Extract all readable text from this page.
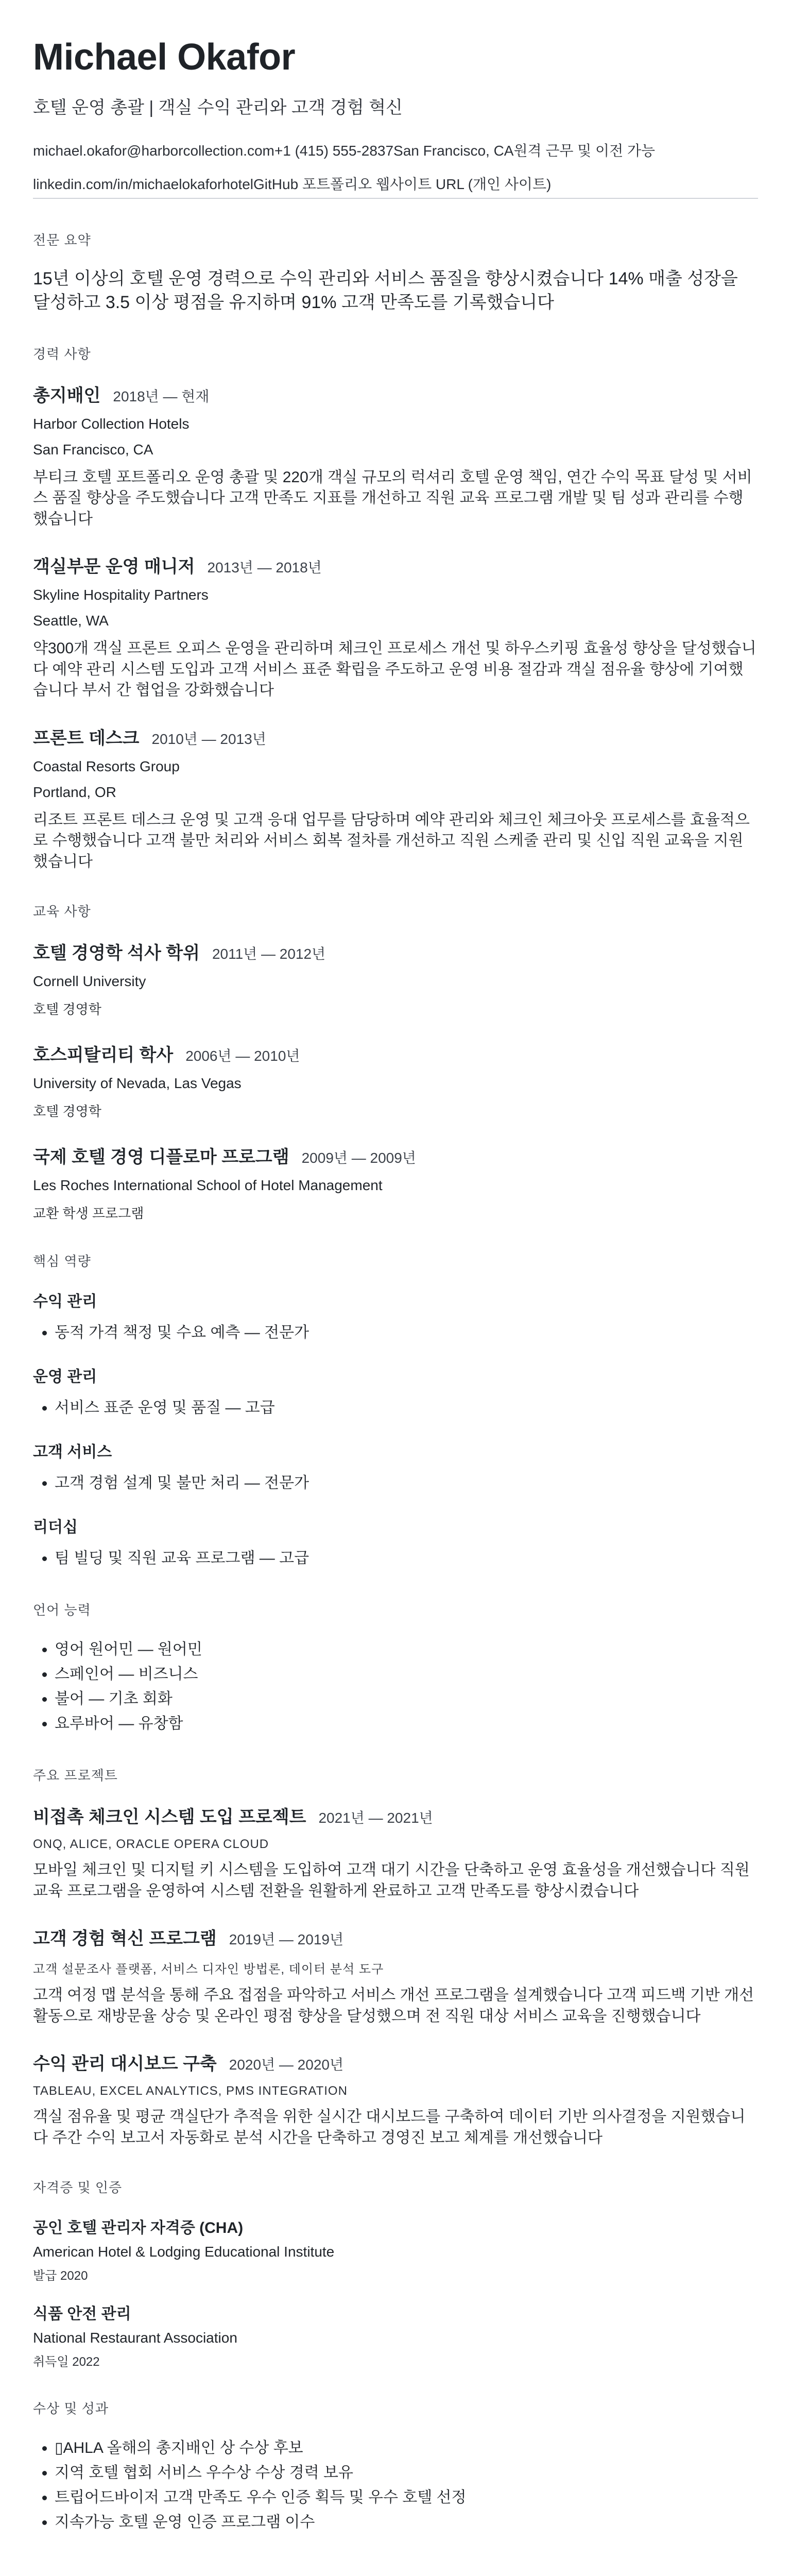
Michael Okafor
호텔 운영 총괄 | 객실 수익 관리와 고객 경험 혁신
michael.okafor@harborcollection.com+1 (415) 555-2837San Francisco, CA원격 근무 및 이전 가능
linkedin.com/in/michaelokaforhotelGitHub 포트폴리오 웹사이트 URL (개인 사이트)
전문 요약
15년 이상의 호텔 운영 경력으로 수익 관리와 서비스 품질을 향상시켰습니다 14% 매출 성장을 달성하고 3.5 이상 평점을 유지하며 91% 고객 만족도를 기록했습니다
경력 사항
총지배인 2018년 — 현재
Harbor Collection Hotels
San Francisco, CA
부티크 호텔 포트폴리오 운영 총괄 및 220개 객실 규모의 럭셔리 호텔 운영 책임, 연간 수익 목표 달성 및 서비스 품질 향상을 주도했습니다 고객 만족도 지표를 개선하고 직원 교육 프로그램 개발 및 팀 성과 관리를 수행했습니다
객실부문 운영 매니저 2013년 — 2018년
Skyline Hospitality Partners
Seattle, WA
약300개 객실 프론트 오피스 운영을 관리하며 체크인 프로세스 개선 및 하우스키핑 효율성 향상을 달성했습니다 예약 관리 시스템 도입과 고객 서비스 표준 확립을 주도하고 운영 비용 절감과 객실 점유율 향상에 기여했습니다 부서 간 협업을 강화했습니다
프론트 데스크 2010년 — 2013년
Coastal Resorts Group
Portland, OR
리조트 프론트 데스크 운영 및 고객 응대 업무를 담당하며 예약 관리와 체크인 체크아웃 프로세스를 효율적으로 수행했습니다 고객 불만 처리와 서비스 회복 절차를 개선하고 직원 스케줄 관리 및 신입 직원 교육을 지원했습니다
교육 사항
호텔 경영학 석사 학위 2011년 — 2012년
Cornell University
호텔 경영학
호스피탈리티 학사 2006년 — 2010년
University of Nevada, Las Vegas
호텔 경영학
국제 호텔 경영 디플로마 프로그램 2009년 — 2009년
Les Roches International School of Hotel Management
교환 학생 프로그램
핵심 역량
수익 관리
• 동적 가격 책정 및 수요 예측 — 전문가
운영 관리
• 서비스 표준 운영 및 품질 — 고급
고객 서비스
• 고객 경험 설계 및 불만 처리 — 전문가
리더십
• 팀 빌딩 및 직원 교육 프로그램 — 고급
언어 능력
• 영어 원어민 — 원어민
• 스페인어 — 비즈니스
• 불어 — 기초 회화
• 요루바어 — 유창함
주요 프로젝트
비접촉 체크인 시스템 도입 프로젝트 2021년 — 2021년
ONQ, ALICE, ORACLE OPERA CLOUD
모바일 체크인 및 디지털 키 시스템을 도입하여 고객 대기 시간을 단축하고 운영 효율성을 개선했습니다 직원 교육 프로그램을 운영하여 시스템 전환을 원활하게 완료하고 고객 만족도를 향상시켰습니다
고객 경험 혁신 프로그램 2019년 — 2019년
고객 설문조사 플랫폼, 서비스 디자인 방법론, 데이터 분석 도구
고객 여정 맵 분석을 통해 주요 접점을 파악하고 서비스 개선 프로그램을 설계했습니다 고객 피드백 기반 개선 활동으로 재방문율 상승 및 온라인 평점 향상을 달성했으며 전 직원 대상 서비스 교육을 진행했습니다
수익 관리 대시보드 구축 2020년 — 2020년
TABLEAU, EXCEL ANALYTICS, PMS INTEGRATION
객실 점유율 및 평균 객실단가 추적을 위한 실시간 대시보드를 구축하여 데이터 기반 의사결정을 지원했습니다 주간 수익 보고서 자동화로 분석 시간을 단축하고 경영진 보고 체계를 개선했습니다
자격증 및 인증
공인 호텔 관리자 자격증 (CHA)
American Hotel & Lodging Educational Institute
발급 2020
식품 안전 관리
National Restaurant Association
취득일 2022
수상 및 성과
• ▯AHLA 올해의 총지배인 상 수상 후보
• 지역 호텔 협회 서비스 우수상 수상 경력 보유
• 트립어드바이저 고객 만족도 우수 인증 획득 및 우수 호텔 선정
• 지속가능 호텔 운영 인증 프로그램 이수
